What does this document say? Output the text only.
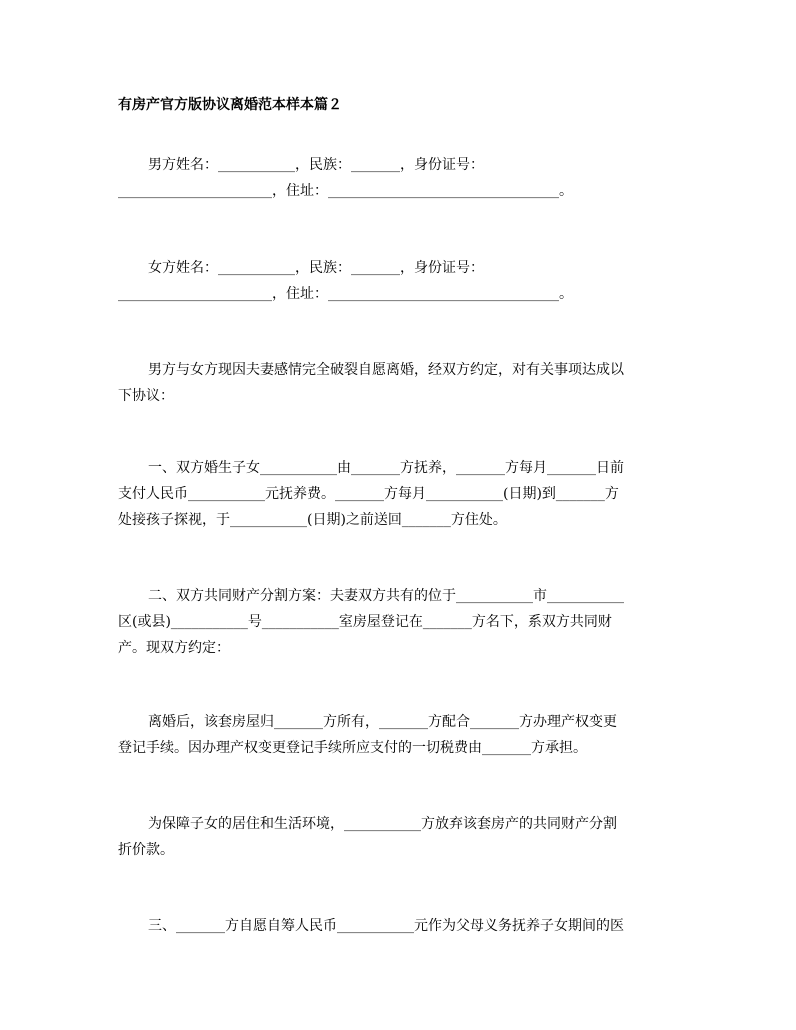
有房产官方版协议离婚范本样本篇２
男方姓名：___________，民族：_______，身份证号：
______________________，住址：_________________________________。
女方姓名：___________，民族：_______，身份证号：
______________________，住址：_________________________________。
男方与女方现因夫妻感情完全破裂自愿离婚，经双方约定，对有关事项达成以
下协议：
一、双方婚生子女___________由_______方抚养，_______方每月_______日前
支付人民币___________元抚养费。_______方每月___________(日期)到_______方
处接孩子探视，于___________(日期)之前送回_______方住处。
二、双方共同财产分割方案：夫妻双方共有的位于___________市___________
区(或县)___________号___________室房屋登记在_______方名下，系双方共同财
产。现双方约定：
离婚后，该套房屋归_______方所有，_______方配合_______方办理产权变更
登记手续。因办理产权变更登记手续所应支付的一切税费由_______方承担。
为保障子女的居住和生活环境，___________方放弃该套房产的共同财产分割
折价款。
三、_______方自愿自筹人民币___________元作为父母义务抚养子女期间的医
